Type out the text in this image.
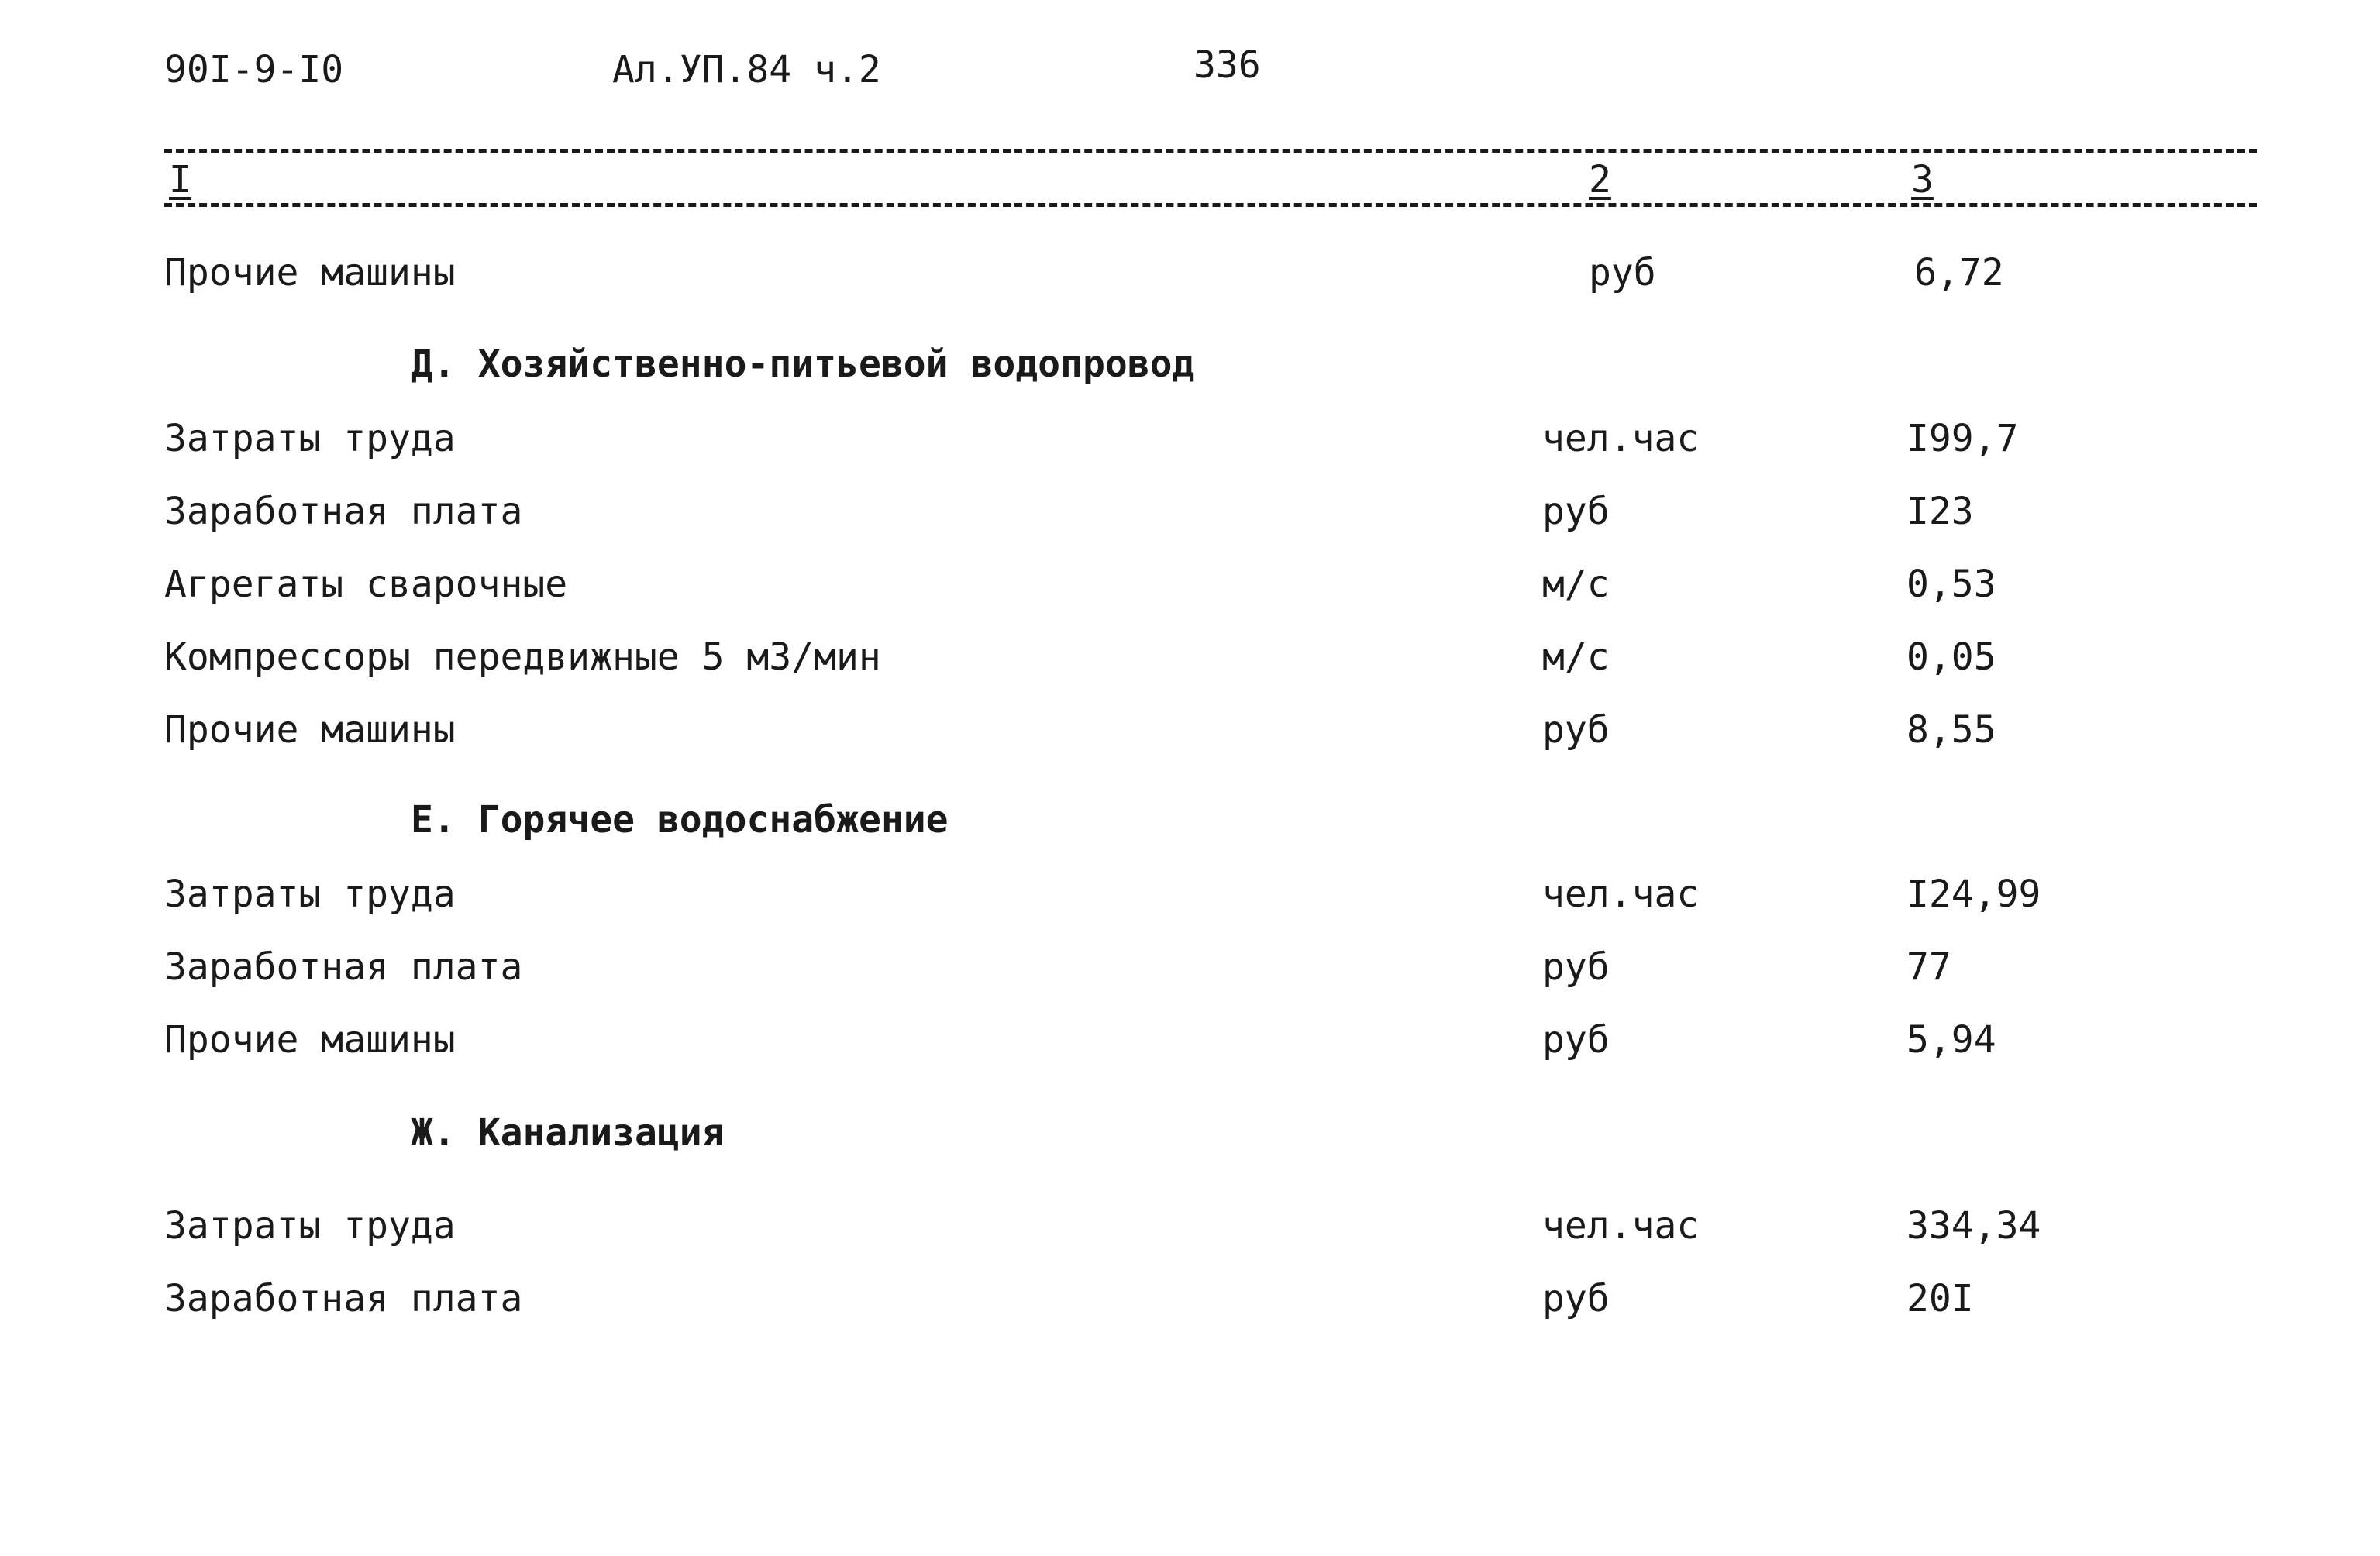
90I-9-I0	Ал.УП.84 ч.2	336
I	2	3
Прочие машины	руб	6,72
Д. Хозяйственно-питьевой водопровод
Затраты труда	чел.час	I99,7
Заработная плата	руб	I23
Агрегаты сварочные	м/с	0,53
Компрессоры передвижные 5 м3/мин	м/с	0,05
Прочие машины	руб	8,55
Е. Горячее водоснабжение
Затраты труда	чел.час	I24,99
Заработная плата	руб	77
Прочие машины	руб	5,94
Ж. Канализация
Затраты труда	чел.час	334,34
Заработная плата	руб	20I
